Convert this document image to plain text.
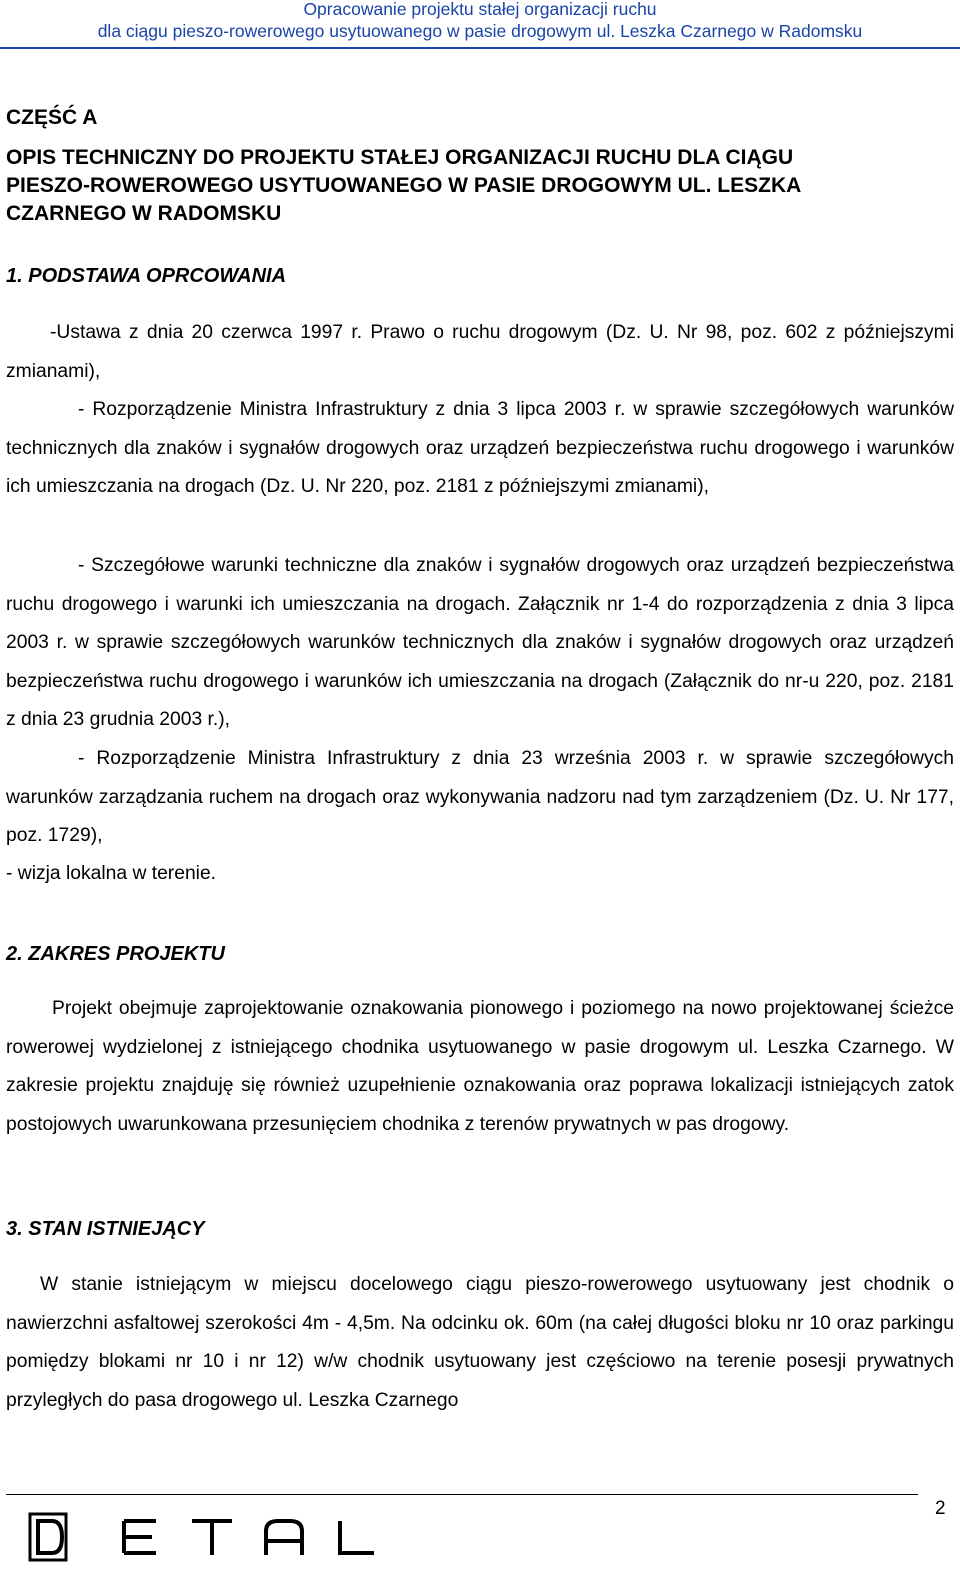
Opracowanie projektu stałej organizacji ruchu
dla ciągu pieszo-rowerowego usytuowanego w pasie drogowym ul. Leszka Czarnego w Radomsku
CZĘŚĆ A
OPIS TECHNICZNY DO PROJEKTU STAŁEJ ORGANIZACJI RUCHU DLA CIĄGU
PIESZO-ROWEROWEGO USYTUOWANEGO W PASIE DROGOWYM UL. LESZKA
CZARNEGO W RADOMSKU
1. PODSTAWA OPRCOWANIA
-Ustawa z dnia 20 czerwca 1997 r. Prawo o ruchu drogowym (Dz. U. Nr 98, poz. 602 z późniejszymi zmianami),
- Rozporządzenie Ministra Infrastruktury z dnia 3 lipca 2003 r. w sprawie szczegółowych warunków technicznych dla znaków i sygnałów drogowych oraz urządzeń bezpieczeństwa ruchu drogowego i warunków ich umieszczania na drogach (Dz. U. Nr 220, poz. 2181 z późniejszymi zmianami),
- Szczegółowe warunki techniczne dla znaków i sygnałów drogowych oraz urządzeń bezpieczeństwa ruchu drogowego i warunki ich umieszczania na drogach. Załącznik nr 1-4 do rozporządzenia z dnia 3 lipca 2003 r. w sprawie szczegółowych warunków technicznych dla znaków i sygnałów drogowych oraz urządzeń bezpieczeństwa ruchu drogowego i warunków ich umieszczania na drogach (Załącznik do nr-u 220, poz. 2181 z dnia 23 grudnia 2003 r.),
- Rozporządzenie Ministra Infrastruktury z dnia 23 września 2003 r. w sprawie szczegółowych warunków zarządzania ruchem na drogach oraz wykonywania nadzoru nad tym zarządzeniem (Dz. U. Nr 177, poz. 1729),
- wizja lokalna w terenie.
2. ZAKRES PROJEKTU
Projekt obejmuje zaprojektowanie oznakowania pionowego i poziomego na nowo projektowanej ścieżce rowerowej wydzielonej z istniejącego chodnika usytuowanego w pasie drogowym ul. Leszka Czarnego. W zakresie projektu znajduję się również uzupełnienie oznakowania oraz poprawa lokalizacji istniejących zatok postojowych uwarunkowana przesunięciem chodnika z terenów prywatnych w pas drogowy.
3. STAN ISTNIEJĄCY
W stanie istniejącym w miejscu docelowego ciągu pieszo-rowerowego usytuowany jest chodnik o nawierzchni asfaltowej szerokości 4m - 4,5m. Na odcinku ok. 60m (na całej długości bloku nr 10 oraz parkingu pomiędzy blokami nr 10 i nr 12) w/w chodnik usytuowany jest częściowo na terenie posesji prywatnych przyległych do pasa drogowego ul. Leszka Czarnego
2
